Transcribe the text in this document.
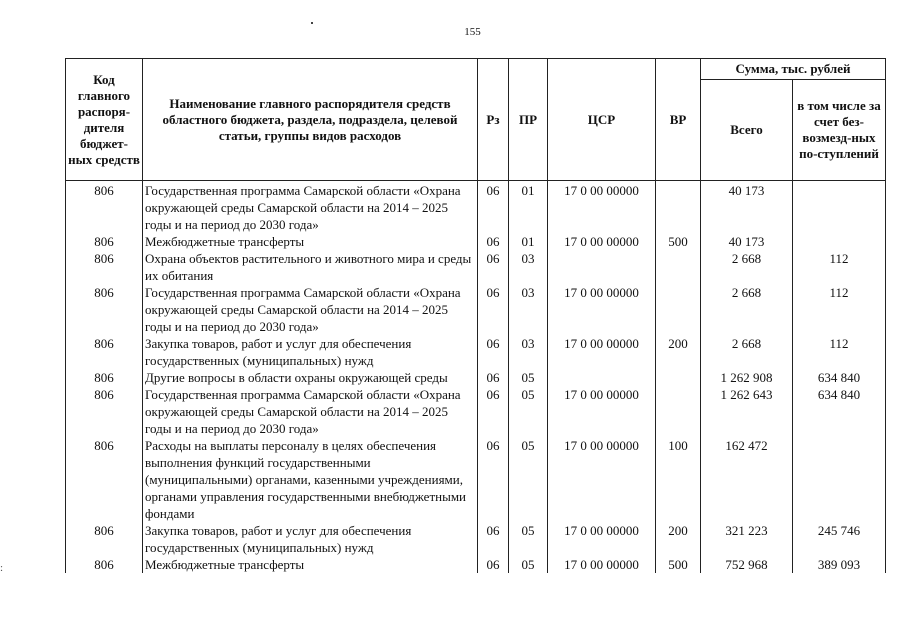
155
:
Код главного распоря-дителя бюджет-ных средств	Наименование главного распорядителя средств областного бюджета, раздела, подраздела, целевой статьи, группы видов расходов	Рз	ПР	ЦСР	ВР	Сумма, тыс. рублей	
						Всего	в том числе за счет без-возмезд-ных по-ступлений
806	Государственная программа Самарской области «Охрана окружающей среды Самарской области на 2014 – 2025 годы и на период до 2030 года»	06	01	17 0 00 00000		40 173	
806	Межбюджетные трансферты	06	01	17 0 00 00000	500	40 173	
806	Охрана объектов растительного и животного мира и среды их обитания	06	03			2 668	112
806	Государственная программа Самарской области «Охрана окружающей среды Самарской области на 2014 – 2025 годы и на период до 2030 года»	06	03	17 0 00 00000		2 668	112
806	Закупка товаров, работ и услуг для обеспечения государственных (муниципальных) нужд	06	03	17 0 00 00000	200	2 668	112
806	Другие вопросы в области охраны окружающей среды	06	05			1 262 908	634 840
806	Государственная программа Самарской области «Охрана окружающей среды Самарской области на 2014 – 2025 годы и на период до 2030 года»	06	05	17 0 00 00000		1 262 643	634 840
806	Расходы на выплаты персоналу в целях обеспечения выполнения функций государственными (муниципальными) органами, казенными учреждениями, органами управления государственными внебюджетными фондами	06	05	17 0 00 00000	100	162 472	
806	Закупка товаров, работ и услуг для обеспечения государственных (муниципальных) нужд	06	05	17 0 00 00000	200	321 223	245 746
806	Межбюджетные трансферты	06	05	17 0 00 00000	500	752 968	389 093
